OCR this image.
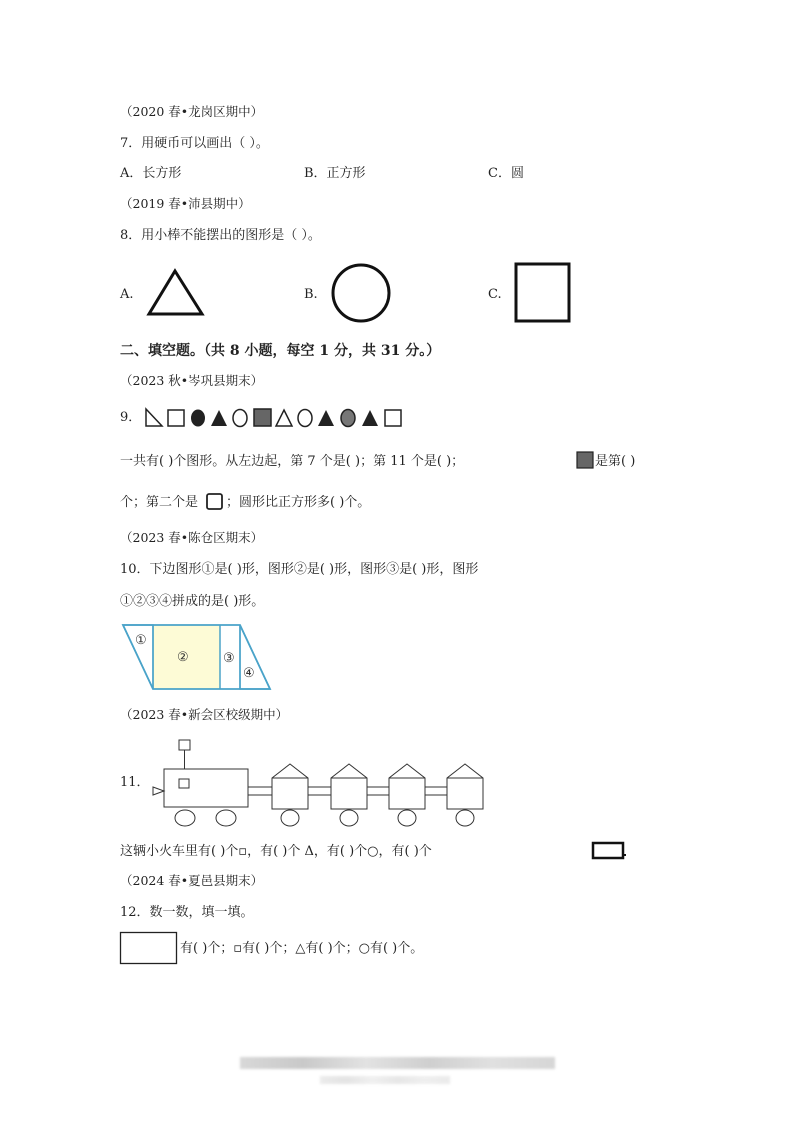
（2020 春•龙岗区期中）
7．用硬币可以画出（ ）。
A．长方形	B．正方形	C．圆
（2019 春•沛县期中）
8．用小棒不能摆出的图形是（ ）。
A.	B.	C.
二、填空题。（共 8 小题，每空 1 分，共 31 分。）
（2023 秋•岑巩县期末）
9．
一共有( )个图形。从左边起，第 7 个是( )；第 11 个是( )；	是第( )
个；第二个是 ；圆形比正方形多( )个。
（2023 春•陈仓区期末）
10．下边图形①是( )形，图形②是( )形，图形③是( )形，图形
①②③④拼成的是( )形。
①
②	③
④
（2023 春•新会区校级期中）
11．
这辆小火车里有( )个▫，有( )个 Δ，有( )个○，有( )个
（2024 春•夏邑县期末）
12．数一数，填一填。
有( )个；▫有( )个；△有( )个；○有( )个。
